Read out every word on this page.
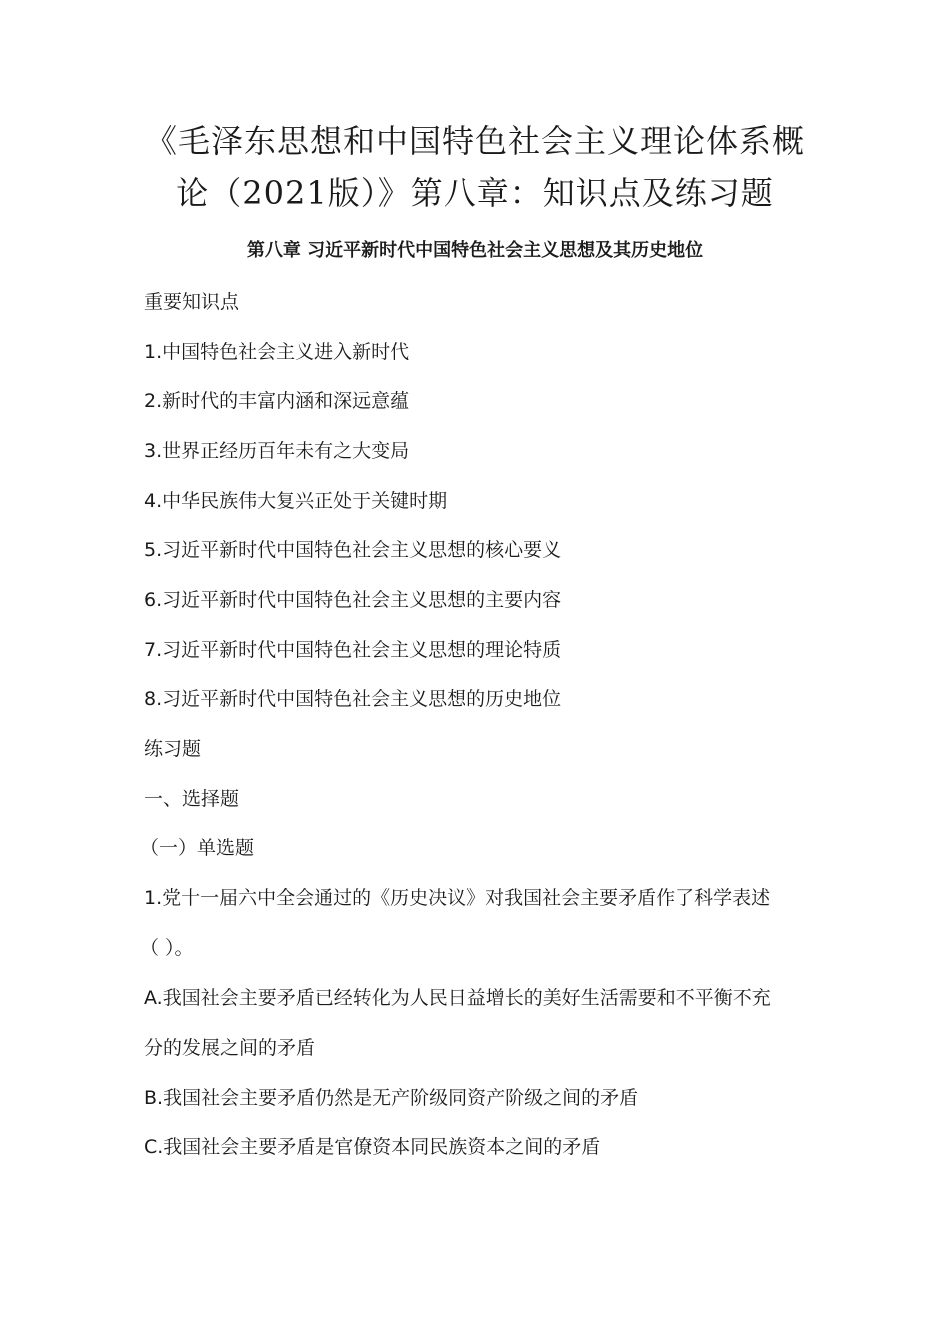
《毛泽东思想和中国特色社会主义理论体系概
论（2021版）》第八章：知识点及练习题
第八章 习近平新时代中国特色社会主义思想及其历史地位

重要知识点

1.中国特色社会主义进入新时代

2.新时代的丰富内涵和深远意蕴

3.世界正经历百年未有之大变局

4.中华民族伟大复兴正处于关键时期

5.习近平新时代中国特色社会主义思想的核心要义

6.习近平新时代中国特色社会主义思想的主要内容

7.习近平新时代中国特色社会主义思想的理论特质

8.习近平新时代中国特色社会主义思想的历史地位

练习题

一、选择题

（一）单选题

1.党十一届六中全会通过的《历史决议》对我国社会主要矛盾作了科学表述

（ ）。

A.我国社会主要矛盾已经转化为人民日益增长的美好生活需要和不平衡不充

分的发展之间的矛盾

B.我国社会主要矛盾仍然是无产阶级同资产阶级之间的矛盾

C.我国社会主要矛盾是官僚资本同民族资本之间的矛盾
